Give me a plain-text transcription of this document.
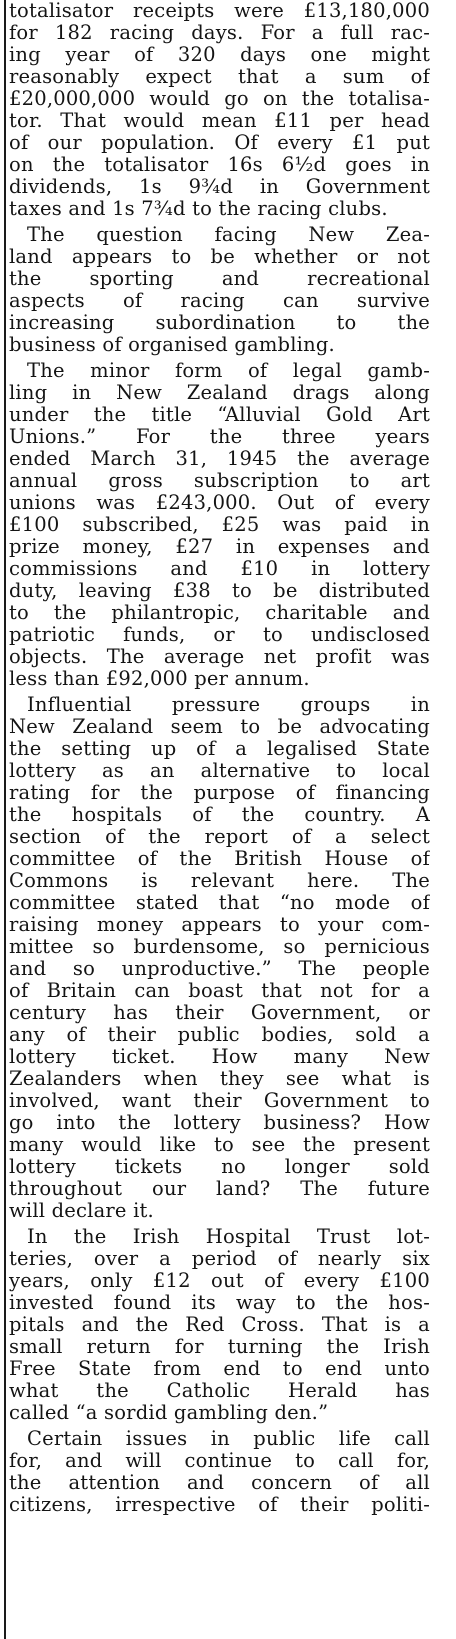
totalisator receipts were £13,180,000
for 182 racing days. For a full rac-
ing year of 320 days one might
reasonably expect that a sum of
£20,000,000 would go on the totalisa-
tor. That would mean £11 per head
of our population. Of every £1 put
on the totalisator 16s 6½d goes in
dividends, 1s 9¾d in Government
taxes and 1s 7¾d to the racing clubs.
The question facing New Zea-
land appears to be whether or not
the sporting and recreational
aspects of racing can survive
increasing subordination to the
business of organised gambling.
The minor form of legal gamb-
ling in New Zealand drags along
under the title “Alluvial Gold Art
Unions.” For the three years
ended March 31, 1945 the average
annual gross subscription to art
unions was £243,000. Out of every
£100 subscribed, £25 was paid in
prize money, £27 in expenses and
commissions and £10 in lottery
duty, leaving £38 to be distributed
to the philantropic, charitable and
patriotic funds, or to undisclosed
objects. The average net profit was
less than £92,000 per annum.
Influential pressure groups in
New Zealand seem to be advocating
the setting up of a legalised State
lottery as an alternative to local
rating for the purpose of financing
the hospitals of the country. A
section of the report of a select
committee of the British House of
Commons is relevant here. The
committee stated that “no mode of
raising money appears to your com-
mittee so burdensome, so pernicious
and so unproductive.” The people
of Britain can boast that not for a
century has their Government, or
any of their public bodies, sold a
lottery ticket. How many New
Zealanders when they see what is
involved, want their Government to
go into the lottery business? How
many would like to see the present
lottery tickets no longer sold
throughout our land? The future
will declare it.
In the Irish Hospital Trust lot-
teries, over a period of nearly six
years, only £12 out of every £100
invested found its way to the hos-
pitals and the Red Cross. That is a
small return for turning the Irish
Free State from end to end unto
what the Catholic Herald has
called “a sordid gambling den.”
Certain issues in public life call
for, and will continue to call for,
the attention and concern of all
citizens, irrespective of their politi-
